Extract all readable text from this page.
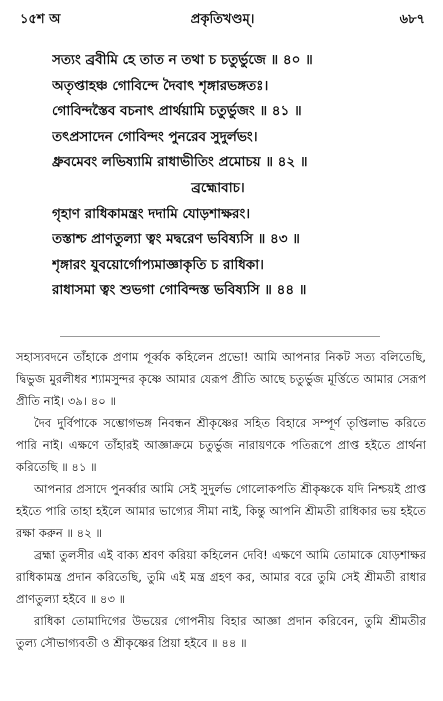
১৫শ অ	প্রকৃতিখণ্ডম্।	৬৮৭
সত্যং ব্রবীমি হে তাত ন তথা চ চতুর্ভুজে ॥ ৪০ ॥
অতৃপ্তাহঞ্চ গোবিন্দে দৈবাৎ শৃঙ্গারভঙ্গতঃ।
গোবিন্দস্তৈব বচনাৎ প্রার্থয়ামি চতুর্ভুজং ॥ ৪১ ॥
তৎপ্রসাদেন গোবিন্দং পুনরেব সুদুর্লভং।
ধ্রুবমেবং লভিষ্যামি রাধাভীতিং প্রমোচয় ॥ ৪২ ॥
ব্রহ্মোবাচ।
গৃহাণ রাধিকামন্ত্রং দদামি যোড়শাক্ষরং।
তস্তাশ্চ প্রাণতুল্যা ত্বং মদ্বরেণ ভবিষ্যসি ॥ ৪৩ ॥
শৃঙ্গারং যুবয়োর্গোপ্যমাজ্ঞাকৃতি চ রাধিকা।
রাধাসমা ত্বং শুভগা গোবিন্দস্ত ভবিষ্যসি ॥ ৪৪ ॥

সহাস্যবদনে তাঁহাকে প্রণাম পূর্ব্বক কহিলেন প্রভো! আমি আপনার নিকট সত্য বলিতেছি, দ্বিভুজ মুরলীধর শ্যামসুন্দর কৃষ্ণে আমার যেরূপ প্রীতি আছে চতুর্ভুজ মূর্ত্তিতে আমার সেরূপ প্রীতি নাই। ৩৯। ৪০ ॥

দৈব দুর্বিপাকে সম্ভোগভঙ্গ নিবন্ধন শ্রীকৃষ্ণের সহিত বিহারে সম্পূর্ণ তৃপ্তিলাভ করিতে পারি নাই। এক্ষণে তাঁহারই আজ্ঞাক্রমে চতুর্ভুজ নারায়ণকে পতিরূপে প্রাপ্ত হইতে প্রার্থনা করিতেছি ॥ ৪১ ॥

আপনার প্রসাদে পুনর্ব্বার আমি সেই সুদুর্লভ গোলোকপতি শ্রীকৃষ্ণকে যদি নিশ্চয়ই প্রাপ্ত হইতে পারি তাহা হইলে আমার ভাগ্যের সীমা নাই, কিন্তু আপনি শ্রীমতী রাধিকার ভয় হইতে রক্ষা করুন ॥ ৪২ ॥

ব্রহ্মা তুলসীর এই বাক্য শ্রবণ করিয়া কহিলেন দেবি! এক্ষণে আমি তোমাকে যোড়শাক্ষর রাধিকামন্ত্র প্রদান করিতেছি, তুমি এই মন্ত্র গ্রহণ কর, আমার বরে তুমি সেই শ্রীমতী রাধার প্রাণতুল্যা হইবে ॥ ৪৩ ॥

রাধিকা তোমাদিগের উভয়ের গোপনীয় বিহার আজ্ঞা প্রদান করিবেন, তুমি শ্রীমতীর তুল্য সৌভাগ্যবতী ও শ্রীকৃষ্ণের প্রিয়া হইবে ॥ ৪৪ ॥
